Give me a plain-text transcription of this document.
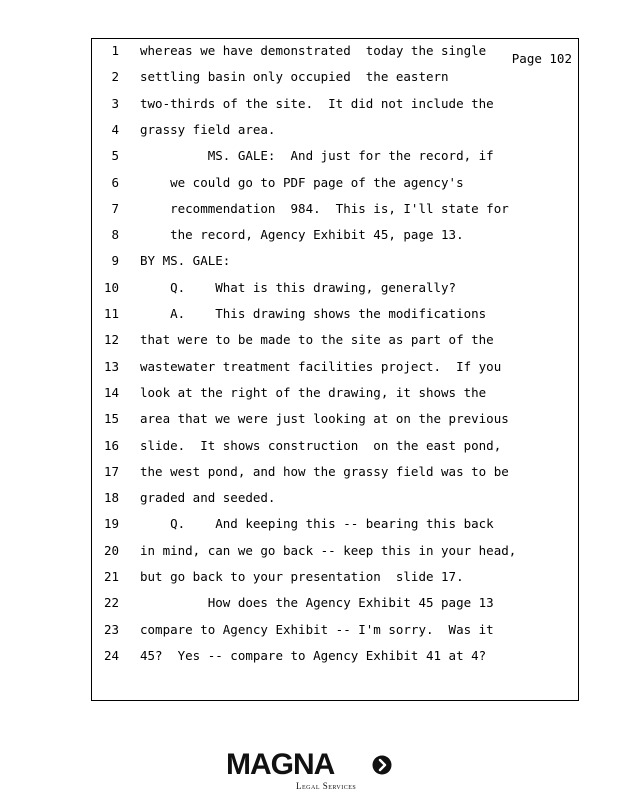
Page 102
1 whereas we have demonstrated  today the single
2 settling basin only occupied  the eastern
3 two-thirds of the site.  It did not include the
4 grassy field area.
5 MS. GALE:  And just for the record, if
6 we could go to PDF page of the agency's
7 recommendation  984.  This is, I'll state for
8 the record, Agency Exhibit 45, page 13.
9 BY MS. GALE:
10 Q.    What is this drawing, generally?
11 A.    This drawing shows the modifications
12 that were to be made to the site as part of the
13 wastewater treatment facilities project.  If you
14 look at the right of the drawing, it shows the
15 area that we were just looking at on the previous
16 slide.  It shows construction  on the east pond,
17 the west pond, and how the grassy field was to be
18 graded and seeded.
19 Q.    And keeping this -- bearing this back
20 in mind, can we go back -- keep this in your head,
21 but go back to your presentation  slide 17.
22 How does the Agency Exhibit 45 page 13
23 compare to Agency Exhibit -- I'm sorry.  Was it
24 45?  Yes -- compare to Agency Exhibit 41 at 4?
MAGNA
Legal Services
